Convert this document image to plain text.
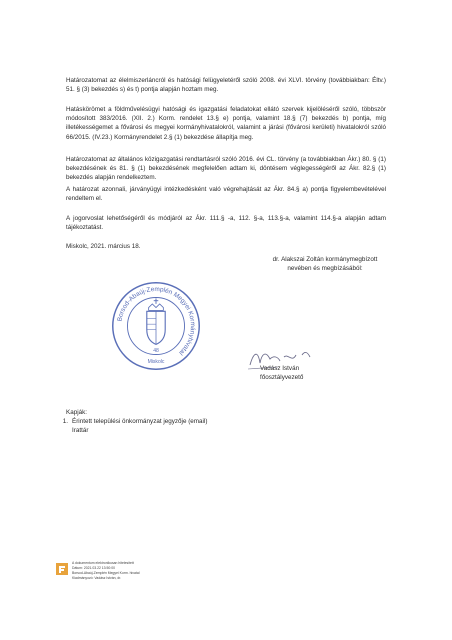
Határozatomat az élelmiszerláncról és hatósági felügyeletéről szóló 2008. évi XLVI. törvény (továbbiakban: Éltv.) 51. § (3) bekezdés s) és t) pontja alapján hoztam meg.

Hatáskörömet a földművelésügyi hatósági és igazgatási feladatokat ellátó szervek kijelöléséről szóló, többször módosított 383/2016. (XII. 2.) Korm. rendelet 13.§ e) pontja, valamint 18.§ (7) bekezdés b) pontja, míg illetékességemet a fővárosi és megyei kormányhivatalokról, valamint a járási (fővárosi kerületi) hivatalokról szóló 66/2015. (IV.23.) Kormányrendelet 2.§ (1) bekezdése állapítja meg.

Határozatomat az általános közigazgatási rendtartásról szóló 2016. évi CL. törvény (a továbbiakban Ákr.) 80. § (1) bekezdésének és 81. § (1) bekezdésének megfelelően adtam ki, döntésem véglegességéről az Ákr. 82.§ (1) bekezdés alapján rendelkeztem.

A határozat azonnali, járványügyi intézkedésként való végrehajtását az Ákr. 84.§ a) pontja figyelembevételével rendeltem el.

A jogorvoslat lehetőségéről és módjáról az Ákr. 111.§ -a, 112. §-a, 113.§-a, valamint 114.§-a alapján adtam tájékoztatást.

Miskolc, 2021. március 18.

dr. Alakszai Zoltán kormánymegbízott
nevében és megbízásából:
Borsod-Abaúj-Zemplén Megyei Kormányhivatal
48
Miskolc
Vadász István
főosztályvezető
Kapják:
1. Érintett települési önkormányzat jegyzője (email)
Irattár
A dokumentum elektronikusan hitelesített
Dátum: 2021.03.22 13:50:00
Borsod-Abaúj-Zemplén Megyei Korm. hivatal
Kiadmányozó: Vadász István, dr.
